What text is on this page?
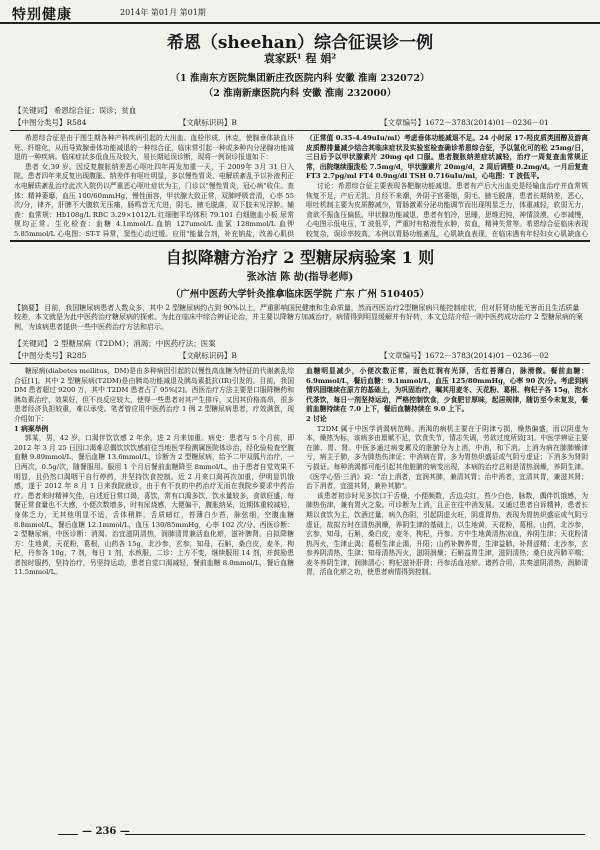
特别健康	2014年 第01月 第01期
希恩（sheehan）综合征误诊一例
袁家跃¹ 程 娟²
（1 淮南东方医院集团新庄孜医院内科 安徽 淮南 232072）
（2 淮南新康医院内科 安徽 淮南 232000）
【关键词】 希恩综合征；误诊；贫血
【中图分类号】R584	【文献标识码】B	【文章编号】1672－3783(2014)01－0236－01

希恩综合征是由于围生期各种产科疾病引起的大出血、血栓形成、休克，使腺垂体缺血坏死、纤维化，从而导致腺垂体功能减退的一种综合征，临床常引起一种或多种内分泌腺功能减退的一种疾病。临床症状多低血压及较大，易长期延误诊断，现将一例误诊报道如下：

患者 女,39 岁。因反复腹胀纳差恶心呕吐四年再发加重一天，于 2009年 3月 31 日入院。患者四年来反复出现腹胀、纳差伴有呕吐明显，多以慢性胃炎、电解质紊乱予以补液利正水电解质紊乱治疗此次入院仍以严重恶心呕吐症状为主，门诊以"慢性胃炎，冠心病"收住。查体：精神萎靡，血压 100/60mmHg，慢性面容，甲状腺大致正常，双肺呼吸音清，心率 55 次/分，律齐，肝脾不大腹软无压痛，肠鸣音无亢进，阴毛、腋毛脱落，双下肢未见浮肿。辅查：血常规：Hb108g/L RBC 3.29×1012/L 红细胞平均体积 79.101 白细胞血小板 尿常规均正常。生化检查：血糖 4.1mmol/L 血钠 127umol/L 血氯 128mmol/L 血钾 5.85mmol/L 心电图：ST-T 异常，窦性心动过缓。应用"能量合剂，补充钠盐，改善心肌供

（正常值 0.35-4.49uIu/ml）考虑垂体功能减退不足。24 小时尿 17-羟皮质类固醇及游离皮质醇排量减少结合其临床症状及实验室检查确诊希恩综合征，予以氢化可的松 25mg/日，三日后予以甲状腺素片 20mg qd 口服。患者腹胀纳差症状减轻，治疗一周复查血常规正常，出院继续服泼松 7.5mg/d，甲状腺素片 20mg/d，2 周后调整 0.2mg/d。一月后复查 FT3 2.7pg/ml FT4 0.9ng/dl TSH 0.716uIu/ml，心电图：T 波低平。

讨论：希恩综合征主要表现各靶腺功能减退。患者有产后大出血史是经输血治疗并血常规恢复不足，产后无乳、月经不来潮，外阴子宫萎缩，阴毛、腋毛脱落，患者长期纳差，恶心，呕吐机制主要为皮质醇减少，胃肠激素分泌功能调节而出现明显乏力，体重减轻，软弱无力，食欲不振血压偏低。甲状腺功能减退，患者有怕冷，思睡，思维迟钝，神情淡漠，心率减慢，心电图示低电压，T 波低平，严重时有粘液性水肿，贫血，精神失常等。希恩综合征临床表现较复杂，误诊率较高，本例以胃肠功能紊乱，心肌缺血表现，在临床遇有年轻妇女心肌缺血心

自拟降糖方治疗 2 型糖尿病验案 1 则
张冰洁 陈 劼(指导老师)
（广州中医药大学针灸推拿临床医学院 广东 广州 510405）
【摘要】 目前，我国糖尿病患者人数众多，其中 2 型糖尿病约占到 90%以上，严重影响国民健康和生命质量，然而西医治疗2型糖尿病只能控制症状，但对肝肾功能无害而且生活质量较差，本文就是为此中医药治疗糖尿病的探索。为此在临床中综合辨证论治，并主要以降糖方加减治疗，病情得到明显缓解并有好转，本文总结介绍一则中医药成功治疗 2 型糖尿病的案例，为该病患者提供一些中医药治疗方法和启示。
【关键词】 2 型糖尿病（T2DM）；消渴；中医药疗法；医案
【中图分类号】R285	【文献标识码】B	【文章编号】1672－3783(2014)01－0236－02

糖尿病(diabetes mellitus，DM)是由多种病因引起的以慢性高血糖为特征的代谢紊乱综合征[1]。其中 2 型糖尿病(T2DM)是由胰岛功能减退及胰岛素抵抗(IR)引发的。目前，我国 DM 患者超过 9200 万，其中 T2DM 患者占了 95%[2]。西医治疗方法主要是口服降糖药和胰岛素治疗，效果好，但不良反应较大，使得一些患者对其产生排斥，又因其价格高昂，很多患者经济负担较重，难以承受。笔者曾应用中医药治疗 1 例 2 型糖尿病患者，疗效满意，现介绍如下：

1 病案举例

郭某，男，42 岁，口渴伴饮饮感 2 年余，进 2 月来加重。病史：患者与 5 个月前，即 2012 年 3 月 25 日因口渴难忍偶饮饮饮感前往当地医学检测属医院体诊治，经化验检查空腹血糖 9.89mmol/L，餐后血糖 13.6mmol/L，诊断为 2 型糖尿病，给予二甲双胍片治疗，一日两次，0.5g/次，随餐服用。服用 1 个月后餐前血糖降至 8mmol/L，由于患者自觉效果不明显，且仍然口渴咽干自行停药，并坚持饮食控制。近 2 月来口渴再次加重，伊明显饥饿感，遂于 2012 年 8 月 1 日来我院就诊，由于有不良的中药治疗无而在我院乡要求中药治疗。患者来时精神欠佳，自述近日常口渴，喜饮，常有口渴多饮，饮水量较多，食欲旺盛，每餐正常食量也不大感，小便次数增多，时有尿烧感，大便偏干，腹胀纳呆，近期体重较减轻，身体乏力，无其他明显不适，舌体稍胖，舌质暗红，苔薄白少苔，脉弦细，空腹血糖 8.8mmol/L，餐后血糖 12.1mmol/L，血压 130/85mmHg，心率 102 次/分。西医诊断：2 型糖尿病，中医诊断：消渴。治宜滋阴清热，润肺清胃兼活血化瘀，滋补脾肾。自拟降糖方：生地黄，天花粉，葛根，山药各 15g，北沙参，玄参，知母，石斛，桑白皮，麦冬，枸杞，丹参各 10g，7 剂，每日 1 剂，水煎服，二诊：上方不变，继续服用 14 剂，并鼓励患者按时服药，坚持治疗，另坚持运动，患者自觉口渴减轻，餐前血糖 8.0mmol/L，餐后血糖 11.5mmol/L。

血糖明显减少，小便次数正常，面色红润有光泽，舌红苔薄白，脉滑微。餐前血糖：6.9mmol/L，餐后血糖：9.1mmol/L，血压 125/80mmHg，心率 90 次/分。考虑到病情巩固继续在原方的基础上，为巩固治疗，嘱其用麦冬、天花粉、葛根、枸杞子各 15g，泡水代茶饮，每日一剂坚持运动，严格控制饮食，少食肥甘厚味，起居规律，随访至今未复发，餐前血糖持续在 7.0 上下，餐后血糖持续在 9.0 上下。

2 讨论

T2DM 属于中医学消渴病范畴。消渴的病机主要在于阴津亏损，燥热偏盛，而以阴虚为本，燥热为标，该病多由禀赋不足，饮食失节，情志失调，劳欲过度所致[3]。中医学辨证主要在肺、胃、肾。中医多通过病变累及的脏腑分为上消，中消，和下消。上消为病在肺肺燥津亏，病主于肺，多为肺热伤津证；中消病在胃，多为胃热炽盛证或气阴亏虚证；下消多为肾阴亏损证。每种消渴都可能引起其他脏腑的病变出现，本病的治疗总则是清热润燥，养阴生津。《医学心悟·三消》说："治上消者，宜润其肺，兼清其胃；治中消者，宜清其胃，兼滋其肾；治下消者，宜滋其肾，兼补其肺"。

该患者初诊时见多饮口干舌燥，小便频数，舌边尖红，苔少白色，脉数，偶伴饥饿感，为肺热伤津，兼有胃火之象。可诊断为上消，且正在往中消发展。又通过患者自诉精神，患者长期以食饮为主，饮酒过量，病久伤阴，引起阴虚火旺，阴虚胃热，表现为胃热炽盛证或气阴亏虚证，故拟方时在清热润燥，养阴生津的基础上，以生地黄，天花粉，葛根，山药，北沙参，玄参，知母，石斛，桑白皮，麦冬，枸杞，丹参。方中生地黄清热凉血，养阴生津；天花粉清热泻火，生津止渴；葛根生津止渴，升阳；山药补脾养胃，生津益肺，补肾涩精；北沙参，玄参养阴清热，生津；知母清热泻火，滋阴润燥；石斛益胃生津，滋阴清热；桑白皮泻肺平喘；麦冬养阴生津，润肺清心；枸杞滋补肝肾；丹参活血祛瘀。诸药合用，共奏滋阴清热，润肺清胃，活血化瘀之功，使患者病情得到控制。

— 236 —
